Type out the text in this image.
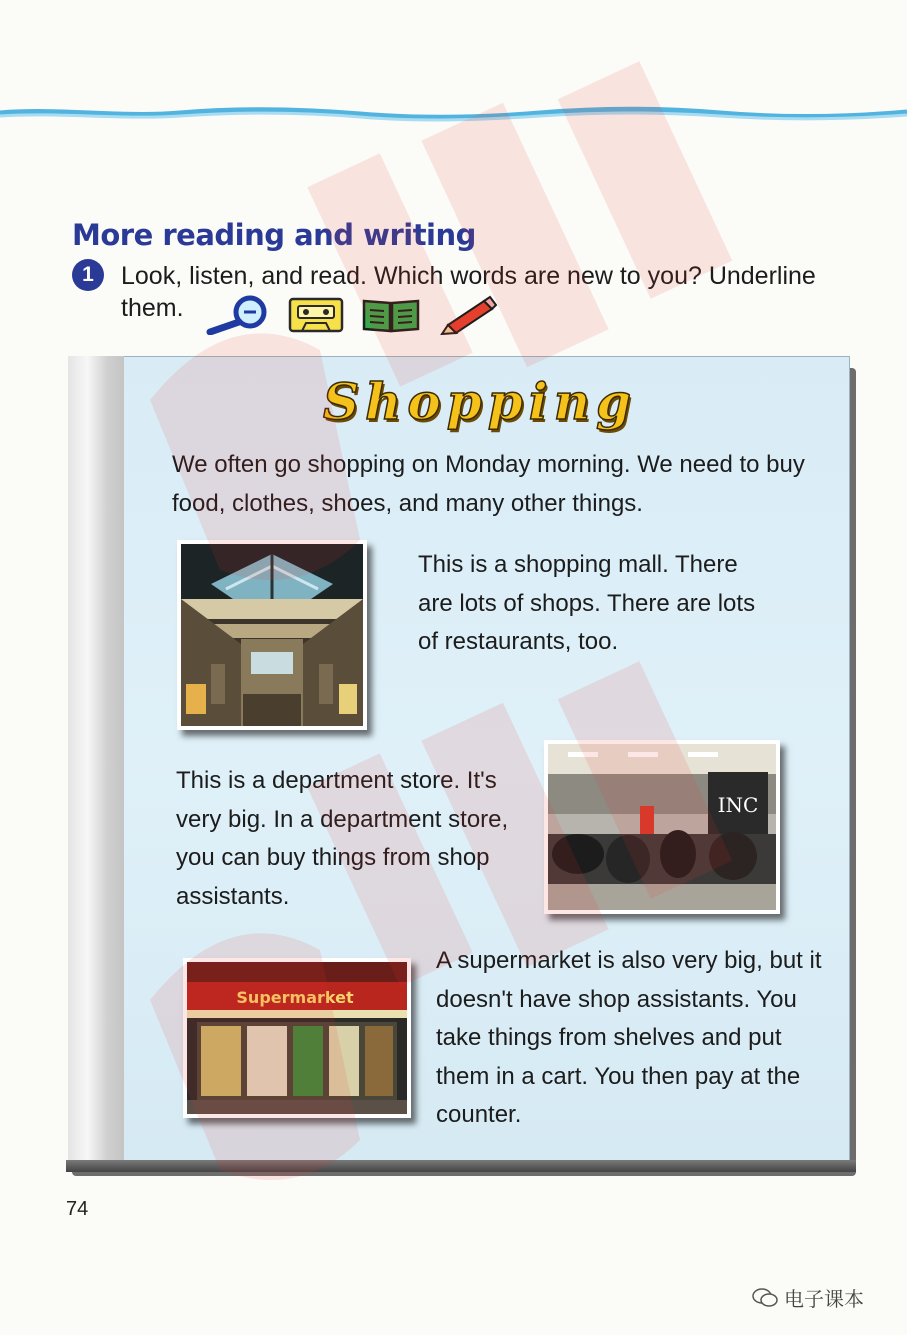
More reading and writing
1	Look, listen, and read. Which words are new to you? Underline
them.
Shopping
We often go shopping on Monday morning. We need to buy food, clothes, shoes, and many other things.
This is a shopping mall. There are lots of shops. There are lots of restaurants, too.
This is a department store. It's very big. In a department store, you can buy things from shop assistants.
INC
Supermarket
A supermarket is also very big, but it doesn't have shop assistants. You take things from shelves and put them in a cart. You then pay at the counter.
74
电子课本
